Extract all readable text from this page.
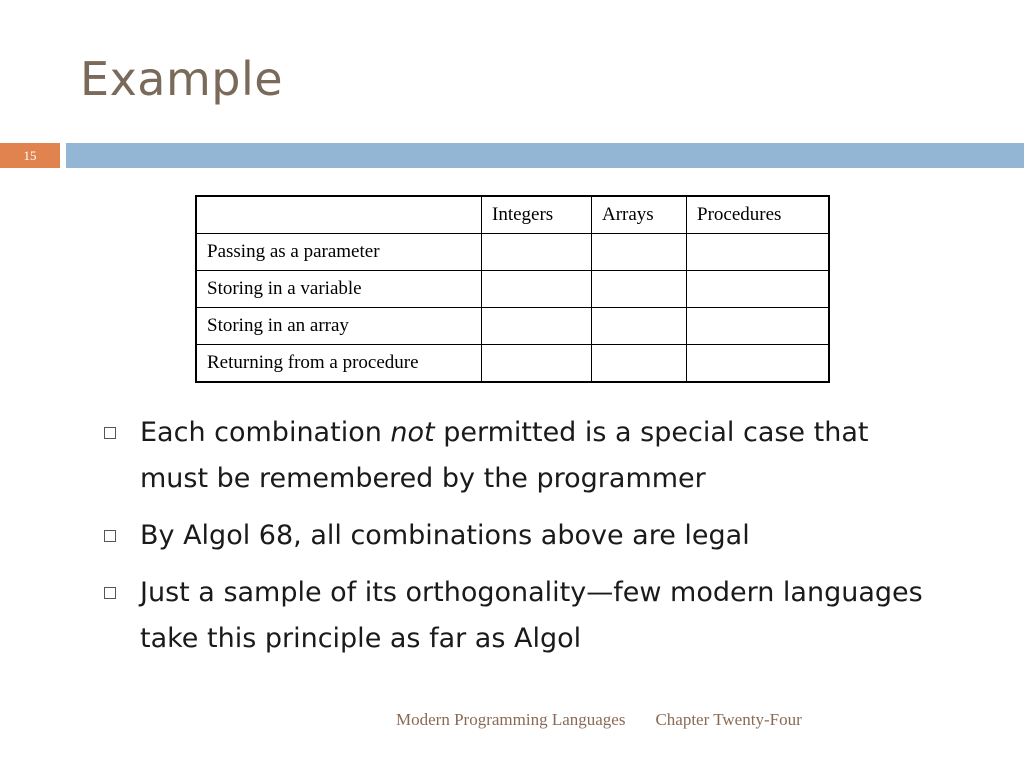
Example
15
	Integers	Arrays	Procedures
Passing as a parameter			
Storing in a variable			
Storing in an array			
Returning from a procedure			
Each combination not permitted is a special case that must be remembered by the programmer
By Algol 68, all combinations above are legal
Just a sample of its orthogonality—few modern languages take this principle as far as Algol
Modern Programming Languages Chapter Twenty-Four
